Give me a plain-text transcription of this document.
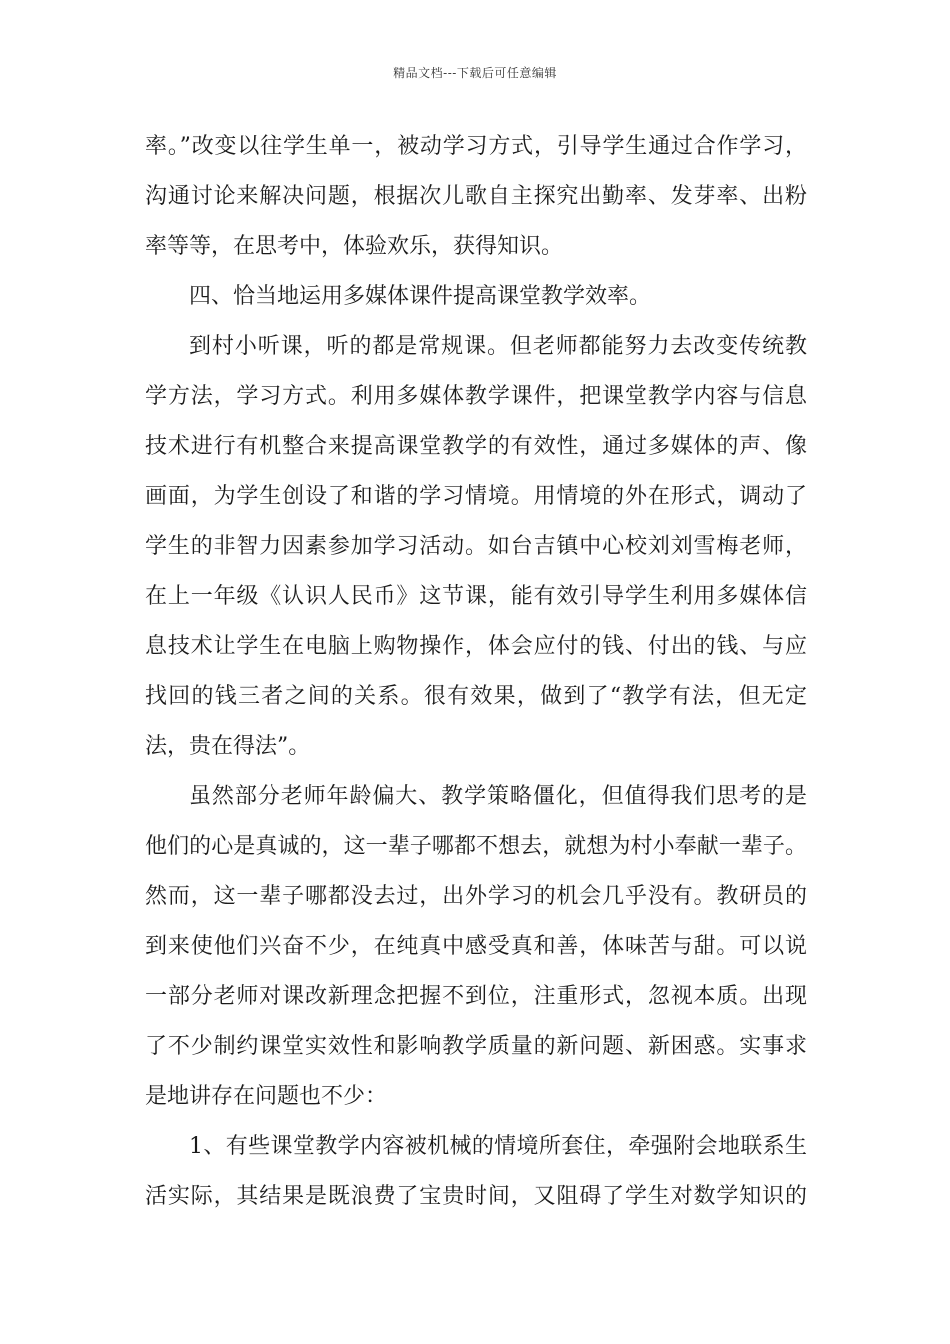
精品文档---下载后可任意编辑
率。”改变以往学生单一，被动学习方式，引导学生通过合作学习，
沟通讨论来解决问题，根据次儿歌自主探究出勤率、发芽率、出粉
率等等，在思考中，体验欢乐，获得知识。
四、恰当地运用多媒体课件提高课堂教学效率。
到村小听课，听的都是常规课。但老师都能努力去改变传统教
学方法，学习方式。利用多媒体教学课件，把课堂教学内容与信息
技术进行有机整合来提高课堂教学的有效性，通过多媒体的声、像
画面，为学生创设了和谐的学习情境。用情境的外在形式，调动了
学生的非智力因素参加学习活动。如台吉镇中心校刘刘雪梅老师，
在上一年级《认识人民币》这节课，能有效引导学生利用多媒体信
息技术让学生在电脑上购物操作，体会应付的钱、付出的钱、与应
找回的钱三者之间的关系。很有效果，做到了“教学有法，但无定
法，贵在得法”。
虽然部分老师年龄偏大、教学策略僵化，但值得我们思考的是
他们的心是真诚的，这一辈子哪都不想去，就想为村小奉献一辈子。
然而，这一辈子哪都没去过，出外学习的机会几乎没有。教研员的
到来使他们兴奋不少，在纯真中感受真和善，体味苦与甜。可以说
一部分老师对课改新理念把握不到位，注重形式，忽视本质。出现
了不少制约课堂实效性和影响教学质量的新问题、新困惑。实事求
是地讲存在问题也不少：
1、有些课堂教学内容被机械的情境所套住，牵强附会地联系生
活实际，其结果是既浪费了宝贵时间，又阻碍了学生对数学知识的
